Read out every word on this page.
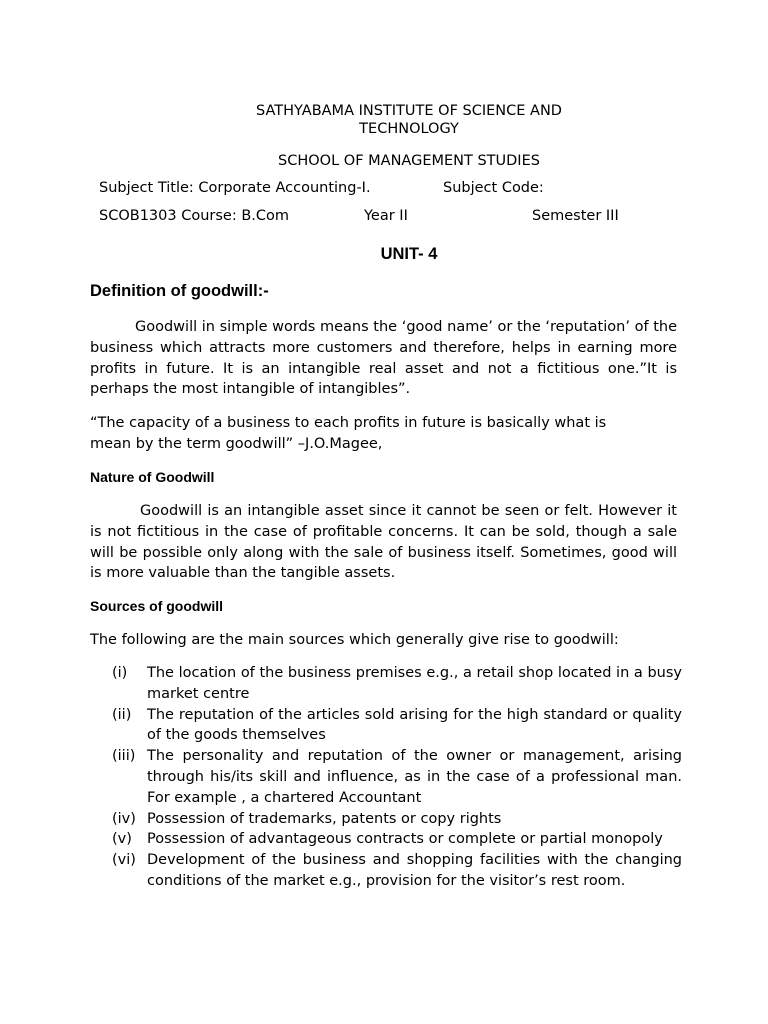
SATHYABAMA INSTITUTE OF SCIENCE AND
TECHNOLOGY
SCHOOL OF MANAGEMENT STUDIES
Subject Title: Corporate Accounting-I.	Subject Code:
SCOB1303 Course: B.Com	Year II	Semester III
UNIT- 4
Definition of goodwill:-
Goodwill in simple words means the ‘good name’ or the ‘reputation’ of the business which attracts more customers and therefore, helps in earning more profits in future. It is an intangible real asset and not a fictitious one.”It is perhaps the most intangible of intangibles”.
“The capacity of a business to each profits in future is basically what is mean by the term goodwill” –J.O.Magee,
Nature of Goodwill
Goodwill is an intangible asset since it cannot be seen or felt. However it is not fictitious in the case of profitable concerns. It can be sold, though a sale will be possible only along with the sale of business itself. Sometimes, good will is more valuable than the tangible assets.
Sources of goodwill
The following are the main sources which generally give rise to goodwill:
(i) The location of the business premises e.g., a retail shop located in a busy market centre
(ii) The reputation of the articles sold arising for the high standard or quality of the goods themselves
(iii) The personality and reputation of the owner or management, arising through his/its skill and influence, as in the case of a professional man. For example , a chartered Accountant
(iv) Possession of trademarks, patents or copy rights
(v) Possession of advantageous contracts or complete or partial monopoly
(vi) Development of the business and shopping facilities with the changing conditions of the market e.g., provision for the visitor’s rest room.
